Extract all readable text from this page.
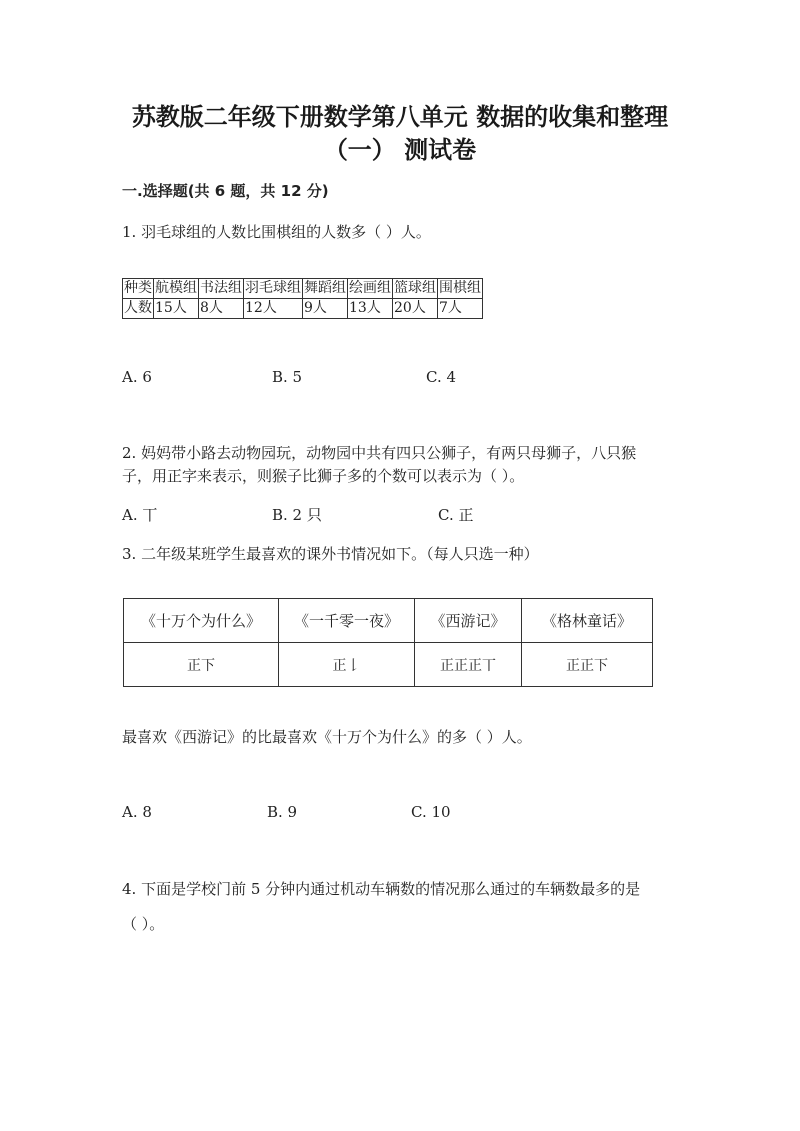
苏教版二年级下册数学第八单元 数据的收集和整理
（一） 测试卷
一.选择题(共 6 题，共 12 分)
1. 羽毛球组的人数比围棋组的人数多（ ）人。
种类	航模组	书法组	羽毛球组	舞蹈组	绘画组	篮球组	围棋组
人数	15人	8人	12人	9人	13人	20人	7人
A. 6	B. 5	C. 4
2. 妈妈带小路去动物园玩，动物园中共有四只公狮子，有两只母狮子，八只猴
子，用正字来表示，则猴子比狮子多的个数可以表示为（ ）。
A. 丅	B. 2 只	C. 正
3. 二年级某班学生最喜欢的课外书情况如下。（每人只选一种）
《十万个为什么》	《一千零一夜》	《西游记》	《格林童话》
正下	正𠄌	正正正丅	正正下
最喜欢《西游记》的比最喜欢《十万个为什么》的多（ ）人。
A. 8	B. 9	C. 10
4. 下面是学校门前 5 分钟内通过机动车辆数的情况那么通过的车辆数最多的是
（ ）。
